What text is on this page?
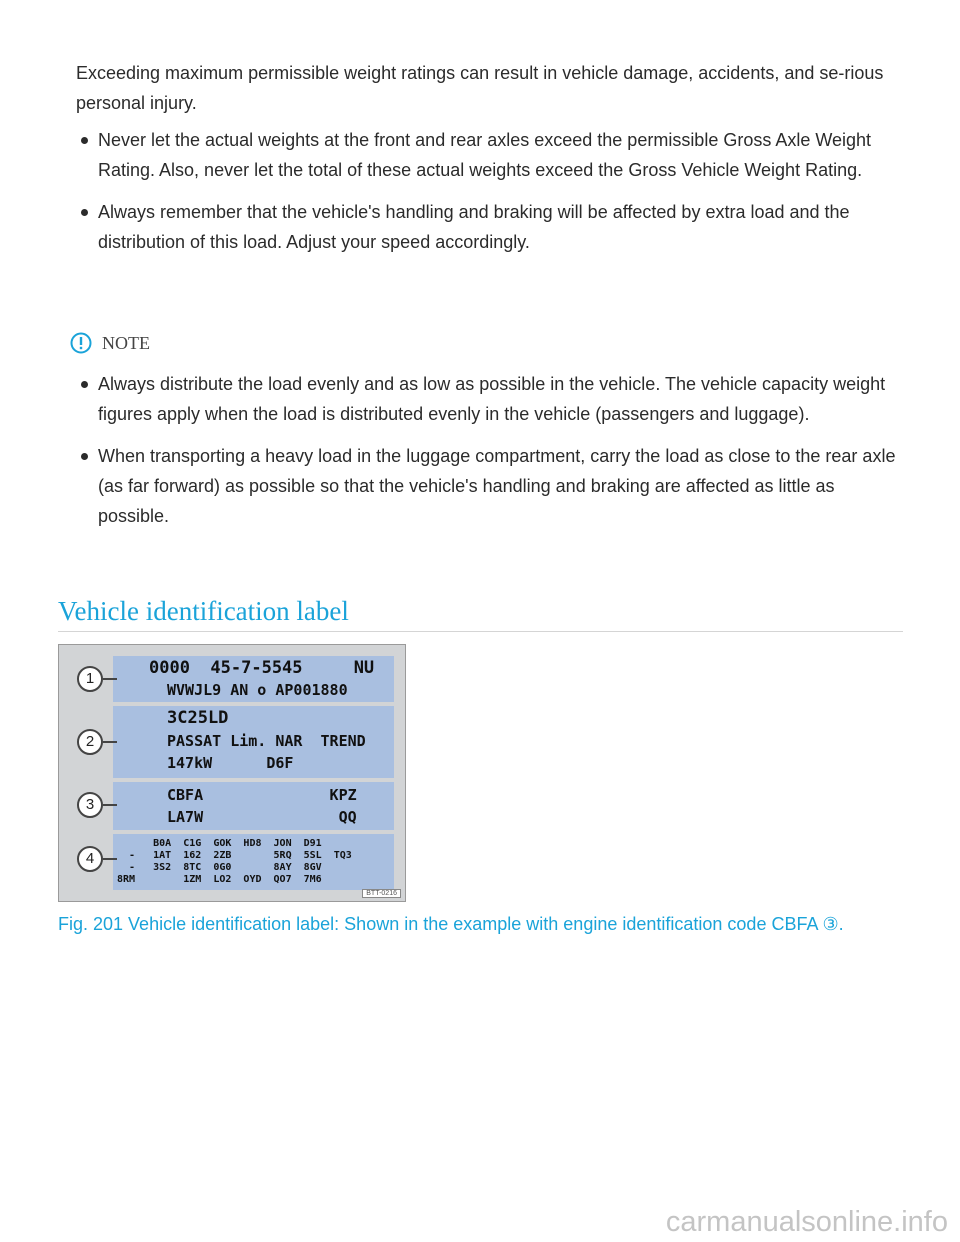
Exceeding maximum permissible weight ratings can result in vehicle damage, accidents, and se-rious personal injury.

Never let the actual weights at the front and rear axles exceed the permissible Gross Axle Weight Rating. Also, never let the total of these actual weights exceed the Gross Vehicle Weight Rating.
Always remember that the vehicle's handling and braking will be affected by extra load and the distribution of this load. Adjust your speed accordingly.
NOTE
Always distribute the load evenly and as low as possible in the vehicle. The vehicle capacity weight figures apply when the load is distributed evenly in the vehicle (passengers and luggage).
When transporting a heavy load in the luggage compartment, carry the load as close to the rear axle (as far forward) as possible so that the vehicle's handling and braking are affected as little as possible.
Vehicle identification label
0000  45-7-5545     NU
WVWJL9 AN o AP001880
3C25LD
PASSAT Lim. NAR  TREND
147kW      D6F
CBFA              KPZ
LA7W               QQ
B0A  C1G  GOK  HD8  JON  D91
-   1AT  162  2ZB       5RQ  5SL  TQ3
-   3S2  8TC  0G0       8AY  8GV
8RM        1ZM  LO2  OYD  QO7  7M6
1
2
3
4
BTT-0216
Fig. 201 Vehicle identification label: Shown in the example with engine identification code CBFA ③.
carmanualsonline.info
